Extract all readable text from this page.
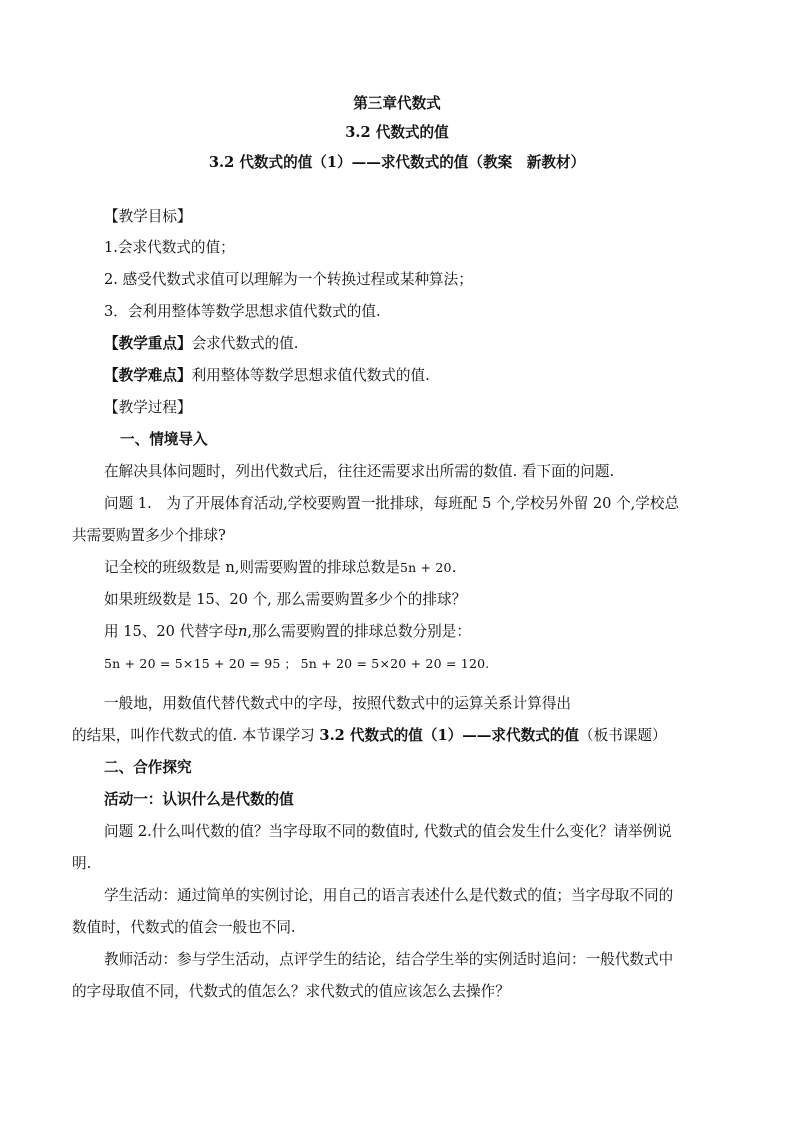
第三章代数式
3.2 代数式的值
3.2 代数式的值（1）——求代数式的值（教案　新教材）
【教学目标】
1.会求代数式的值；
2. 感受代数式求值可以理解为一个转换过程或某种算法；
3．会利用整体等数学思想求值代数式的值.
【教学重点】会求代数式的值.
【教学难点】利用整体等数学思想求值代数式的值.
【教学过程】
一、情境导入
在解决具体问题时，列出代数式后，往往还需要求出所需的数值. 看下面的问题.
问题 1.　为了开展体育活动,学校要购置一批排球，每班配 5 个,学校另外留 20 个,学校总
共需要购置多少个排球?
记全校的班级数是 n,则需要购置的排球总数是5n + 20.
如果班级数是 15、20 个, 那么需要购置多少个的排球？
用 15、20 代替字母n,那么需要购置的排球总数分别是：
5n + 20 = 5×15 + 20 = 95 ； 5n + 20 = 5×20 + 20 = 120.
一般地，用数值代替代数式中的字母，按照代数式中的运算关系计算得出
的结果，叫作代数式的值. 本节课学习 3.2 代数式的值（1）——求代数式的值（板书课题）
二、合作探究
活动一：认识什么是代数的值
问题 2.什么叫代数的值？当字母取不同的数值时, 代数式的值会发生什么变化？请举例说
明.
学生活动：通过简单的实例讨论，用自己的语言表述什么是代数式的值；当字母取不同的
数值时，代数式的值会一般也不同.
教师活动：参与学生活动，点评学生的结论，结合学生举的实例适时追问：一般代数式中
的字母取值不同，代数式的值怎么？求代数式的值应该怎么去操作？
